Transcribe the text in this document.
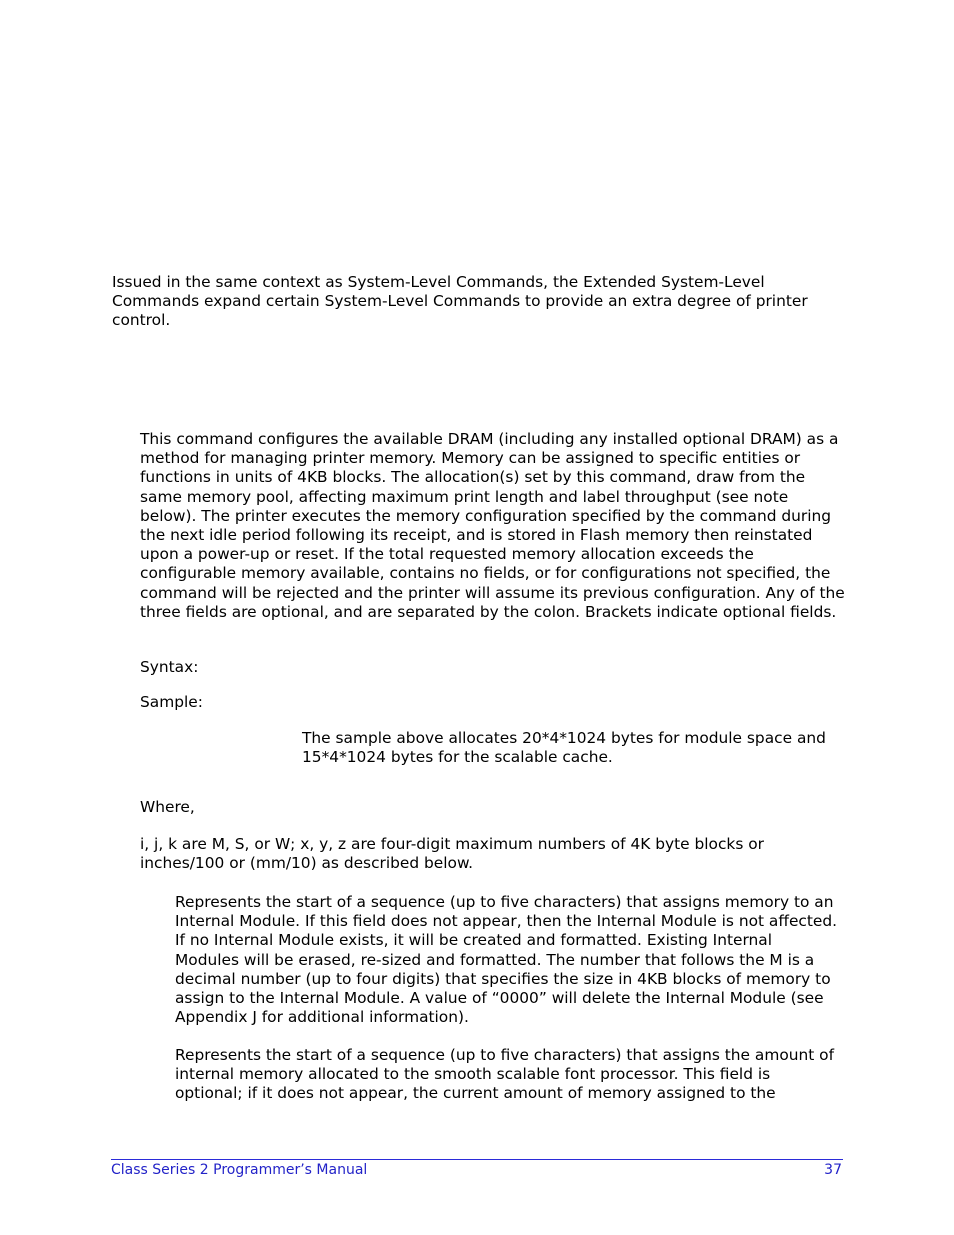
Issued in the same context as System-Level Commands, the Extended System-Level Commands expand certain System-Level Commands to provide an extra degree of printer control.

This command configures the available DRAM (including any installed optional DRAM) as a method for managing printer memory. Memory can be assigned to specific entities or functions in units of 4KB blocks. The allocation(s) set by this command, draw from the same memory pool, affecting maximum print length and label throughput (see note below). The printer executes the memory configuration specified by the command during the next idle period following its receipt, and is stored in Flash memory then reinstated upon a power-up or reset. If the total requested memory allocation exceeds the configurable memory available, contains no fields, or for configurations not specified, the command will be rejected and the printer will assume its previous configuration. Any of the three fields are optional, and are separated by the colon. Brackets indicate optional fields.

Syntax:

Sample:

The sample above allocates 20*4*1024 bytes for module space and 15*4*1024 bytes for the scalable cache.

Where,

i, j, k are M, S, or W; x, y, z are four-digit maximum numbers of 4K byte blocks or inches/100 or (mm/10) as described below.

Represents the start of a sequence (up to five characters) that assigns memory to an Internal Module. If this field does not appear, then the Internal Module is not affected. If no Internal Module exists, it will be created and formatted. Existing Internal Modules will be erased, re-sized and formatted. The number that follows the M is a decimal number (up to four digits) that specifies the size in 4KB blocks of memory to assign to the Internal Module. A value of “0000” will delete the Internal Module (see Appendix J for additional information).

Represents the start of a sequence (up to five characters) that assigns the amount of internal memory allocated to the smooth scalable font processor. This field is optional; if it does not appear, the current amount of memory assigned to the

Class Series 2 Programmer’s Manual	37
